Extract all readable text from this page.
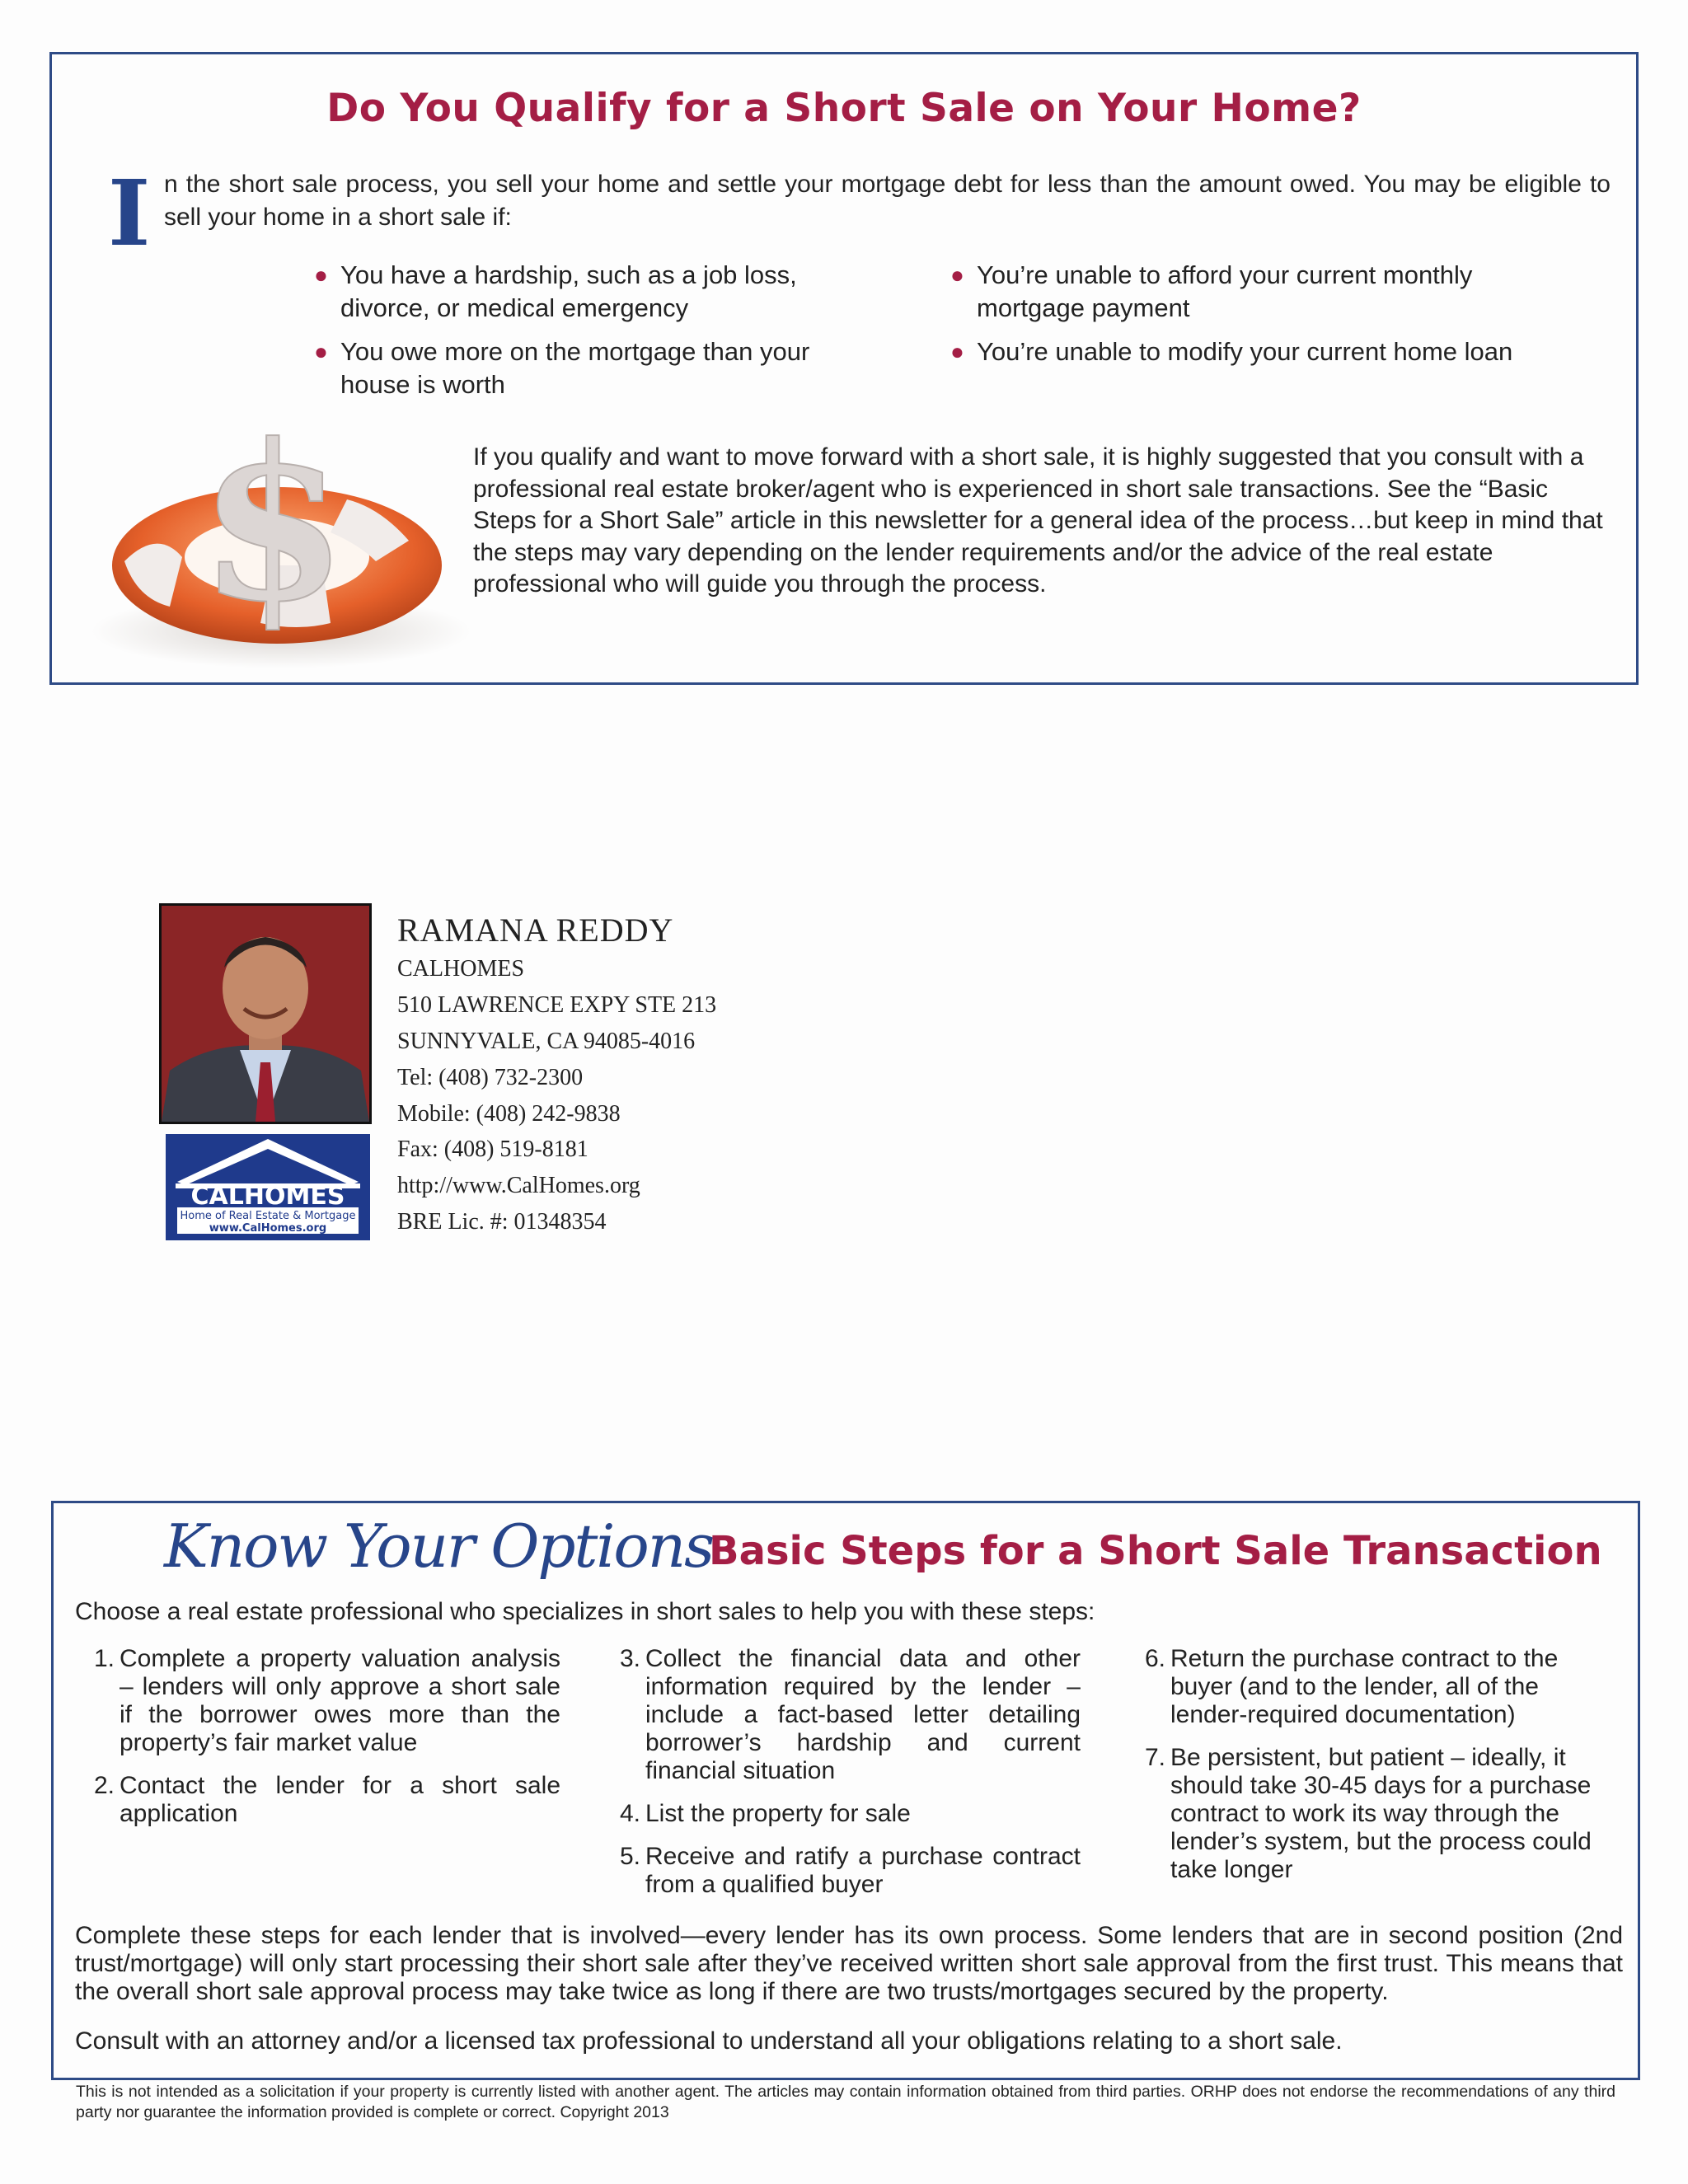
Do You Qualify for a Short Sale on Your Home?
I n the short sale process, you sell your home and settle your mortgage debt for less than the amount owed. You may be eligible to sell your home in a short sale if:
● You have a hardship, such as a job loss, divorce, or medical emergency
● You owe more on the mortgage than your house is worth
● You’re unable to afford your current monthly mortgage payment
● You’re unable to modify your current home loan
$	If you qualify and want to move forward with a short sale, it is highly suggested that you consult with a professional real estate broker/agent who is experienced in short sale transactions. See the “Basic Steps for a Short Sale” article in this newsletter for a general idea of the process…but keep in mind that the steps may vary depending on the lender requirements and/or the advice of the real estate professional who will guide you through the process.
CALHOMES
Home of Real Estate & Mortgage
www.CalHomes.org
RAMANA REDDY
CALHOMES
510 LAWRENCE EXPY STE 213
SUNNYVALE, CA 94085-4016
Tel: (408) 732-2300
Mobile: (408) 242-9838
Fax: (408) 519-8181
http://www.CalHomes.org
BRE Lic. #: 01348354
Know Your Options
Basic Steps for a Short Sale Transaction
Choose a real estate professional who specializes in short sales to help you with these steps:
1. Complete a property valuation analysis – lenders will only approve a short sale if the borrower owes more than the property’s fair market value
2. Contact the lender for a short sale application
3. Collect the financial data and other information required by the lender – include a fact-based letter detailing borrower’s hardship and current financial situation
4. List the property for sale
5. Receive and ratify a purchase contract from a qualified buyer
6. Return the purchase contract to the buyer (and to the lender, all of the lender-required documentation)
7. Be persistent, but patient – ideally, it should take 30-45 days for a purchase contract to work its way through the lender’s system, but the process could take longer
Complete these steps for each lender that is involved—every lender has its own process. Some lenders that are in second position (2nd trust/mortgage) will only start processing their short sale after they’ve received written short sale approval from the first trust. This means that the overall short sale approval process may take twice as long if there are two trusts/mortgages secured by the property.
Consult with an attorney and/or a licensed tax professional to understand all your obligations relating to a short sale.
This is not intended as a solicitation if your property is currently listed with another agent. The articles may contain information obtained from third parties. ORHP does not endorse the recommendations of any third party nor guarantee the information provided is complete or correct. Copyright 2013
